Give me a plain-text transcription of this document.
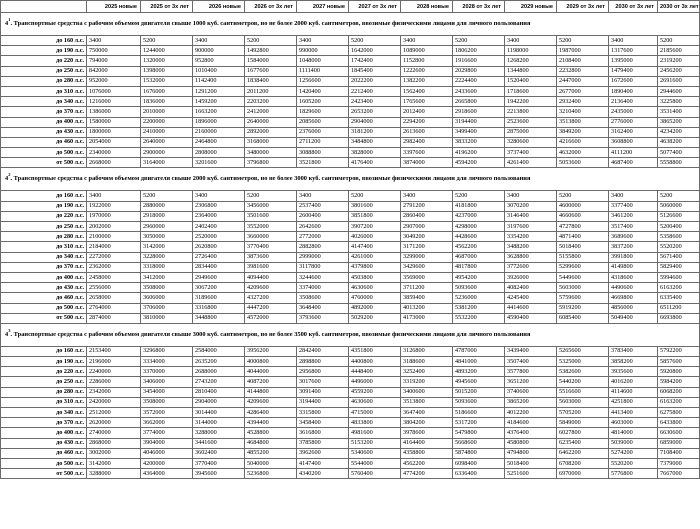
	2025 новые	2025 от 3х лет	2026 новые	2026 от 3х лет	2027 новые	2027 от 3х лет	2028 новые	2028 от 3х лет	2029 новые	2029 от 3х лет	2030 от 3х лет	2030 от 3х лет
$4^1$. Транспортные средства с рабочим объемом двигателя свыше 1000 куб. сантиметров, но не более 2000 куб. сантиметров, ввозимые физическими лицами для личного пользования												
до 160 л.с.	3400	5200	3400	5200	3400	5200	3400	5200	3400	5200	3400	5200
до 190 л.с.	750000	1244000	900000	1492800	990000	1642000	1089000	1806200	1198000	1987000	1317600	2185600
до 220 л.с.	794000	1320000	952800	1584000	1048000	1742400	1152800	1916600	1268200	2108400	1395000	2319200
до 250 л.с.	842000	1398000	1010400	1677600	1111400	1845400	1222600	2029800	1344800	2232800	1479400	2456200
до 280 л.с.	952000	1532000	1142400	1838400	1256600	2022200	1382200	2224400	1520400	2447000	1672600	2691600
до 310 л.с.	1076000	1676000	1291200	2011200	1420400	2212400	1562400	2433600	1718600	2677000	1890400	2944600
до 340 л.с.	1216000	1836000	1459200	2203200	1605200	2423400	1765600	2665800	1942200	2932400	2136400	3225800
до 370 л.с.	1386000	2010000	1663200	2412000	1829600	2653200	2012400	2918600	2213800	3210400	2435000	3531400
до 400 л.с.	1580000	2200000	1896000	2640000	2085600	2904000	2294200	3194400	2523600	3513800	2776000	3865200
до 430 л.с.	1800000	2410000	2160000	2892000	2376000	3181200	2613600	3499400	2875000	3849200	3162400	4234200
до 460 л.с.	2054000	2640000	2464800	3168000	2711200	3484800	2982400	3833200	3280600	4216600	3608800	4638200
до 500 л.с.	2340000	2900000	2808000	3480000	3088800	3828000	3397600	4196200	3737400	4632000	4111200	5077400
от 500 л.с.	2668000	3164000	3201600	3796800	3521800	4176400	3874000	4594200	4261400	5053600	4687400	5558800
$4^2$. Транспортные средства с рабочим объемом двигателя свыше 2000 куб. сантиметров, но не более 3000 куб. сантиметров, ввозимые физическими лицами для личного пользования												
до 160 л.с.	3400	5200	3400	5200	3400	5200	3400	5200	3400	5200	3400	5200
до 190 л.с.	1922000	2880000	2306800	3456000	2537400	3801600	2791200	4181800	3070200	4600000	3377400	5060000
до 220 л.с.	1970000	2918000	2364000	3501600	2600400	3851800	2860400	4237000	3146400	4660600	3461200	5126600
до 250 л.с.	2002000	2960000	2402400	3552000	2642600	3907200	2907000	4298000	3197600	4727800	3517400	5200400
до 280 л.с.	2100000	3050000	2520000	3660000	2772000	4026000	3049200	4428600	3354200	4871400	3689600	5358600
до 310 л.с.	2184000	3142000	2620800	3770400	2882800	4147400	3171200	4562200	3488200	5018400	3837200	5520200
до 340 л.с.	2272000	3228000	2726400	3873600	2999000	4261000	3299000	4687000	3628800	5155800	3991800	5671400
до 370 л.с.	2362000	3318000	2834400	3981600	3117800	4379800	3429600	4817800	3772600	5299600	4149800	5829400
до 400 л.с.	2458000	3412000	2949600	4094400	3244600	4503800	3569000	4954200	3926000	5449600	4318600	5994600
до 430 л.с.	2556000	3508000	3067200	4209600	3374000	4630600	3711200	5093600	4082400	5603000	4490600	6163200
до 460 л.с.	2658000	3606000	3189600	4327200	3508600	4760000	3859400	5236000	4245400	5759600	4669800	6335400
до 500 л.с.	2764000	3706000	3316800	4447200	3648400	4892000	4013200	5381200	4414600	5919200	4856000	6511200
от 500 л.с.	2874000	3810000	3448800	4572000	3793600	5029200	4173000	5532200	4590400	6085400	5049400	6693800
$4^3$. Транспортные средства с рабочим объемом двигателя свыше 3000 куб. сантиметров, но не более 3500 куб. сантиметров, ввозимые физическими лицами для личного пользования												
до 160 л.с.	2153400	3296800	2584000	3956200	2842400	4351800	3126800	4787000	3439400	5265600	3783400	5792200
до 190 л.с.	2196000	3334000	2635200	4000800	2898800	4400800	3188600	4841000	3507400	5325000	3858200	5857600
до 220 л.с.	2240000	3370000	2688000	4044000	2956800	4448400	3252400	4893200	3577800	5382600	3935600	5920800
до 250 л.с.	2286000	3406000	2743200	4087200	3017600	4496000	3319200	4945600	3651200	5440200	4016200	5984200
до 280 л.с.	2342000	3454000	2810400	4144800	3091400	4559200	3400600	5015200	3740600	5516600	4114600	6068200
до 310 л.с.	2420000	3508000	2904000	4209600	3194400	4630600	3513800	5093600	3865200	5603000	4251800	6163200
до 340 л.с.	2512000	3572000	3014400	4286400	3315800	4715000	3647400	5186600	4012200	5705200	4413400	6275800
до 370 л.с.	2620000	3662000	3144000	4394400	3458400	4833800	3804200	5317200	4184600	5849000	4603000	6433800
до 400 л.с.	2740000	3774000	3288000	4528800	3616800	4981600	3978600	5479800	4376400	6027800	4814000	6630600
до 430 л.с.	2868000	3904000	3441600	4684800	3785800	5153200	4164400	5668600	4580800	6235400	5039000	6859000
до 460 л.с.	3002000	4046000	3602400	4855200	3962600	5340600	4358800	5874800	4794800	6462200	5274200	7108400
до 500 л.с.	3142000	4200000	3770400	5040000	4147400	5544000	4562200	6098400	5018400	6708200	5520200	7379000
от 500 л.с.	3288000	4364000	3945600	5236800	4340200	5760400	4774200	6336400	5251600	6970000	5776800	7667000
